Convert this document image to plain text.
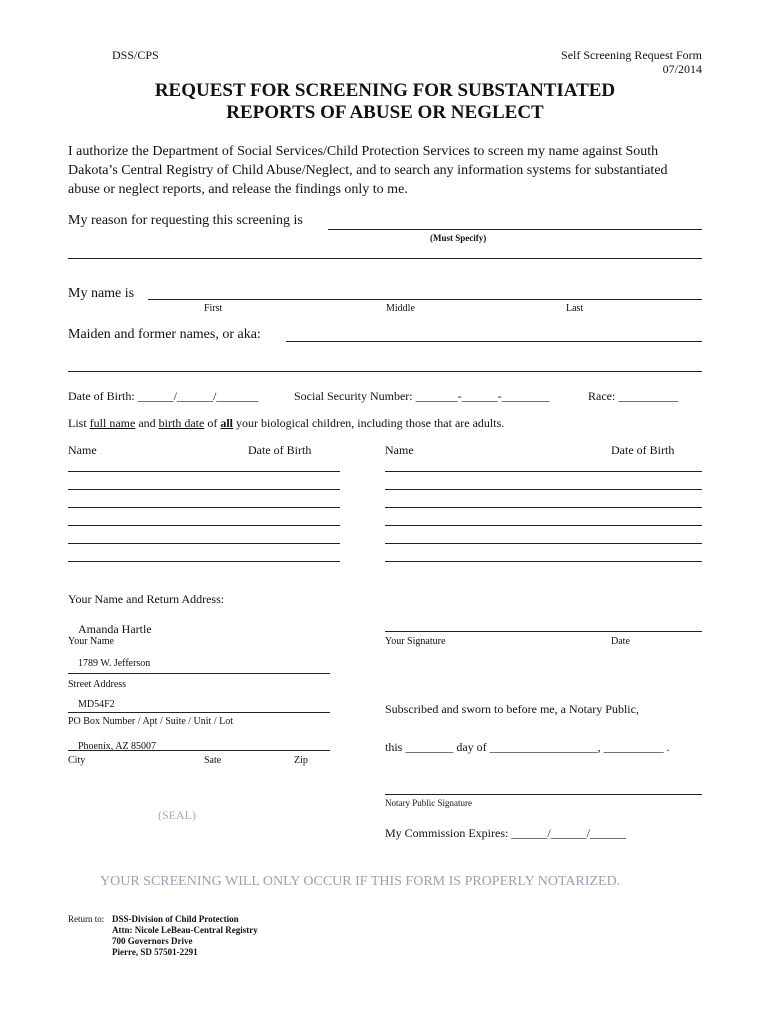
DSS/CPS	Self Screening Request Form
07/2014
REQUEST FOR SCREENING FOR SUBSTANTIATED
REPORTS OF ABUSE OR NEGLECT
I authorize the Department of Social Services/Child Protection Services to screen my name against South Dakota’s Central Registry of Child Abuse/Neglect, and to search any information systems for substantiated abuse or neglect reports, and release the findings only to me.
My reason for requesting this screening is
(Must Specify)
My name is
First	Middle	Last
Maiden and former names, or aka:
Date of Birth: ______/______/_______	Social Security Number: _______-______-________	Race: __________
List full name and birth date of all your biological children, including those that are adults.
Name	Date of Birth	Name	Date of Birth
Your Name and Return Address:
Amanda Hartle
Your Name
1789 W. Jefferson
Street Address
MD54F2
PO Box Number / Apt / Suite / Unit / Lot
Phoenix, AZ 85007
City	Sate	Zip
Your Signature	Date
Subscribed and sworn to before me, a Notary Public,
this ________ day of __________________, __________ .
Notary Public Signature
My Commission Expires: ______/______/______
(SEAL)
YOUR SCREENING WILL ONLY OCCUR IF THIS FORM IS PROPERLY NOTARIZED.
Return to: DSS-Division of Child Protection
Attn: Nicole LeBeau-Central Registry
700 Governors Drive
Pierre, SD 57501-2291
